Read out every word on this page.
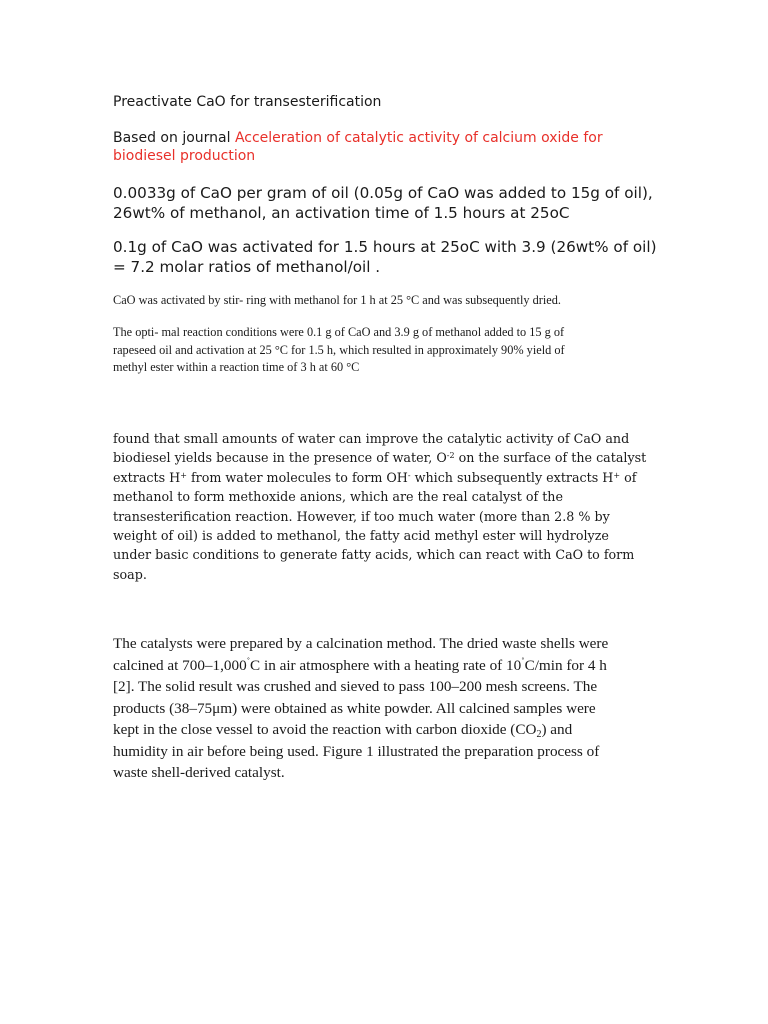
Preactivate CaO for transesterification
Based on journal Acceleration of catalytic activity of calcium oxide for
biodiesel production
0.0033g of CaO per gram of oil (0.05g of CaO was added to 15g of oil),
26wt% of methanol, an activation time of 1.5 hours at 25oC
0.1g of CaO was activated for 1.5 hours at 25oC with 3.9 (26wt% of oil)
= 7.2 molar ratios of methanol/oil .
CaO was activated by stir- ring with methanol for 1 h at 25 °C and was subsequently dried.
The opti- mal reaction conditions were 0.1 g of CaO and 3.9 g of methanol added to 15 g of
rapeseed oil and activation at 25 °C for 1.5 h, which resulted in approximately 90% yield of
methyl ester within a reaction time of 3 h at 60 °C
found that small amounts of water can improve the catalytic activity of CaO and
biodiesel yields because in the presence of water, $O^{-2}$ on the surface of the catalyst
extracts H+ from water molecules to form OH- which subsequently extracts H+ of
methanol to form methoxide anions, which are the real catalyst of the
transesterification reaction. However, if too much water (more than 2.8 % by
weight of oil) is added to methanol, the fatty acid methyl ester will hydrolyze
under basic conditions to generate fatty acids, which can react with CaO to form
soap.
The catalysts were prepared by a calcination method. The dried waste shells were
calcined at 700–1,000˚C in air atmosphere with a heating rate of 10˚C/min for 4 h
[2]. The solid result was crushed and sieved to pass 100–200 mesh screens. The
products (38–75μm) were obtained as white powder. All calcined samples were
kept in the close vessel to avoid the reaction with carbon dioxide $(CO_2)$ and
humidity in air before being used. Figure 1 illustrated the preparation process of
waste shell-derived catalyst.
